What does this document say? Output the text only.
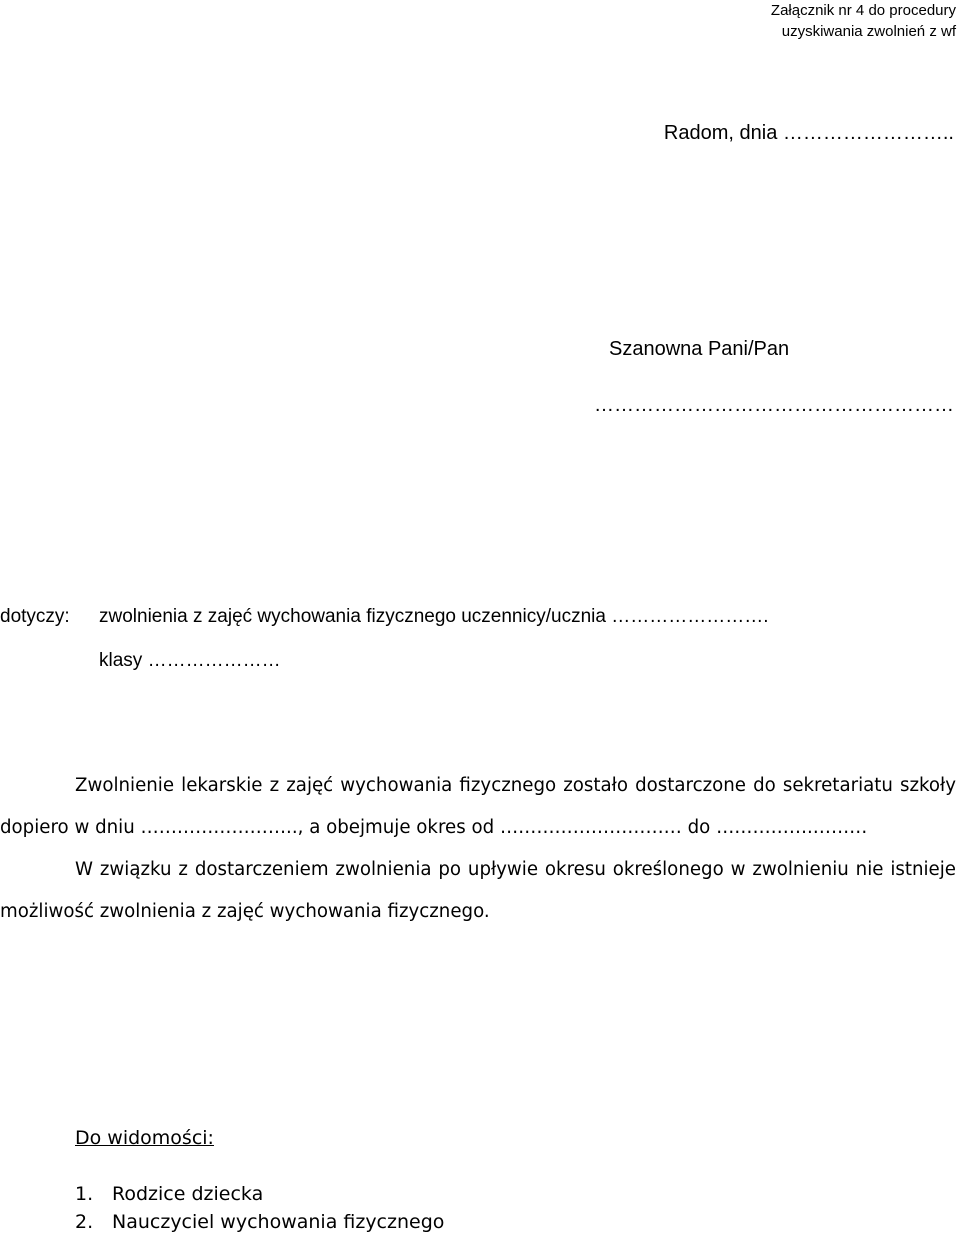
Załącznik nr 4 do procedury
uzyskiwania zwolnień z wf
Radom, dnia ……………………..
Szanowna Pani/Pan
………………………………………………
dotyczy: zwolnienia z zajęć wychowania fizycznego uczennicy/ucznia …………………….
klasy …………………
Zwolnienie lekarskie z zajęć wychowania fizycznego zostało dostarczone do sekretariatu szkoły dopiero w dniu …………………….., a obejmuje okres od ………………………… do …………….………
W związku z dostarczeniem zwolnienia po upływie okresu określonego w zwolnieniu nie istnieje możliwość zwolnienia z zajęć wychowania fizycznego.
Do widomości:
1. Rodzice dziecka
2. Nauczyciel wychowania fizycznego
